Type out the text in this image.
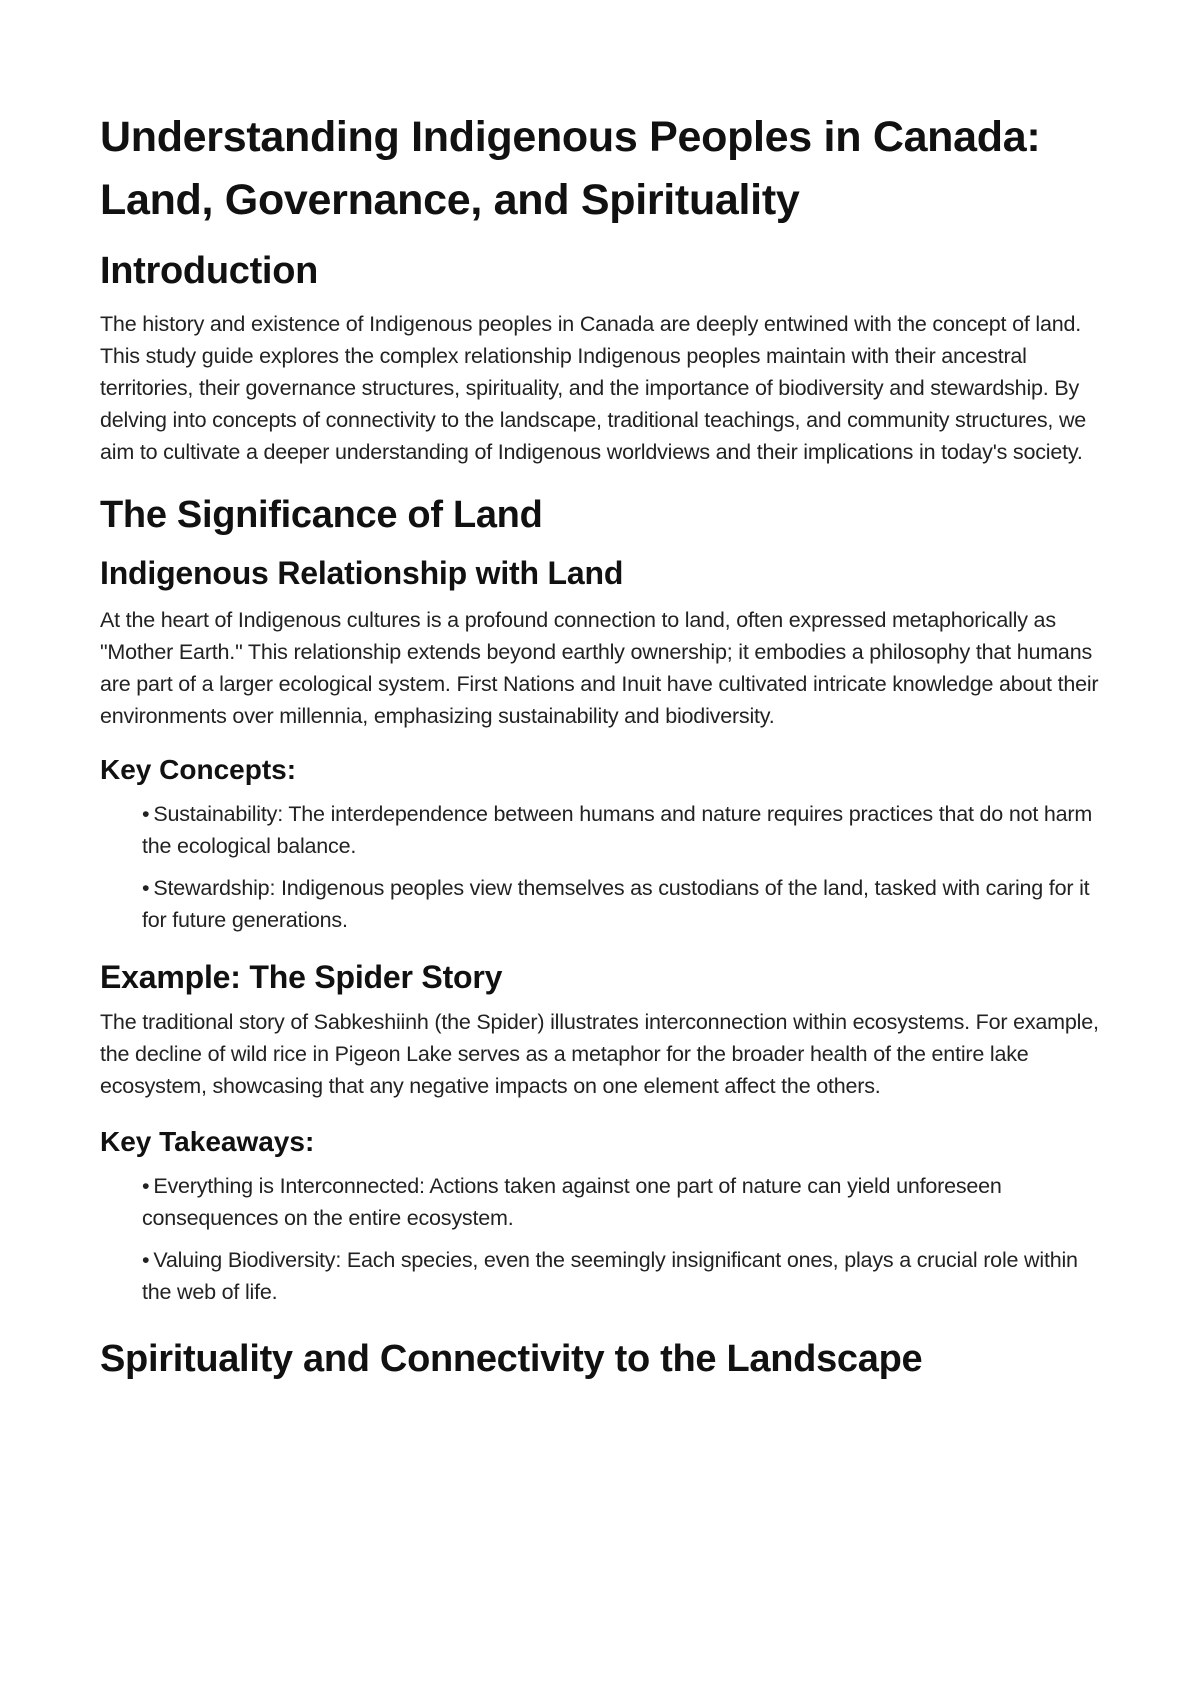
Understanding Indigenous Peoples in Canada: Land, Governance, and Spirituality
Introduction

The history and existence of Indigenous peoples in Canada are deeply entwined with the concept of land. This study guide explores the complex relationship Indigenous peoples maintain with their ancestral territories, their governance structures, spirituality, and the importance of biodiversity and stewardship. By delving into concepts of connectivity to the landscape, traditional teachings, and community structures, we aim to cultivate a deeper understanding of Indigenous worldviews and their implications in today's society.

The Significance of Land
Indigenous Relationship with Land

At the heart of Indigenous cultures is a profound connection to land, often expressed metaphorically as "Mother Earth." This relationship extends beyond earthly ownership; it embodies a philosophy that humans are part of a larger ecological system. First Nations and Inuit have cultivated intricate knowledge about their environments over millennia, emphasizing sustainability and biodiversity.

Key Concepts:
• Sustainability: The interdependence between humans and nature requires practices that do not harm the ecological balance.
• Stewardship: Indigenous peoples view themselves as custodians of the land, tasked with caring for it for future generations.
Example: The Spider Story

The traditional story of Sabkeshiinh (the Spider) illustrates interconnection within ecosystems. For example, the decline of wild rice in Pigeon Lake serves as a metaphor for the broader health of the entire lake ecosystem, showcasing that any negative impacts on one element affect the others.

Key Takeaways:
• Everything is Interconnected: Actions taken against one part of nature can yield unforeseen consequences on the entire ecosystem.
• Valuing Biodiversity: Each species, even the seemingly insignificant ones, plays a crucial role within the web of life.
Spirituality and Connectivity to the Landscape
